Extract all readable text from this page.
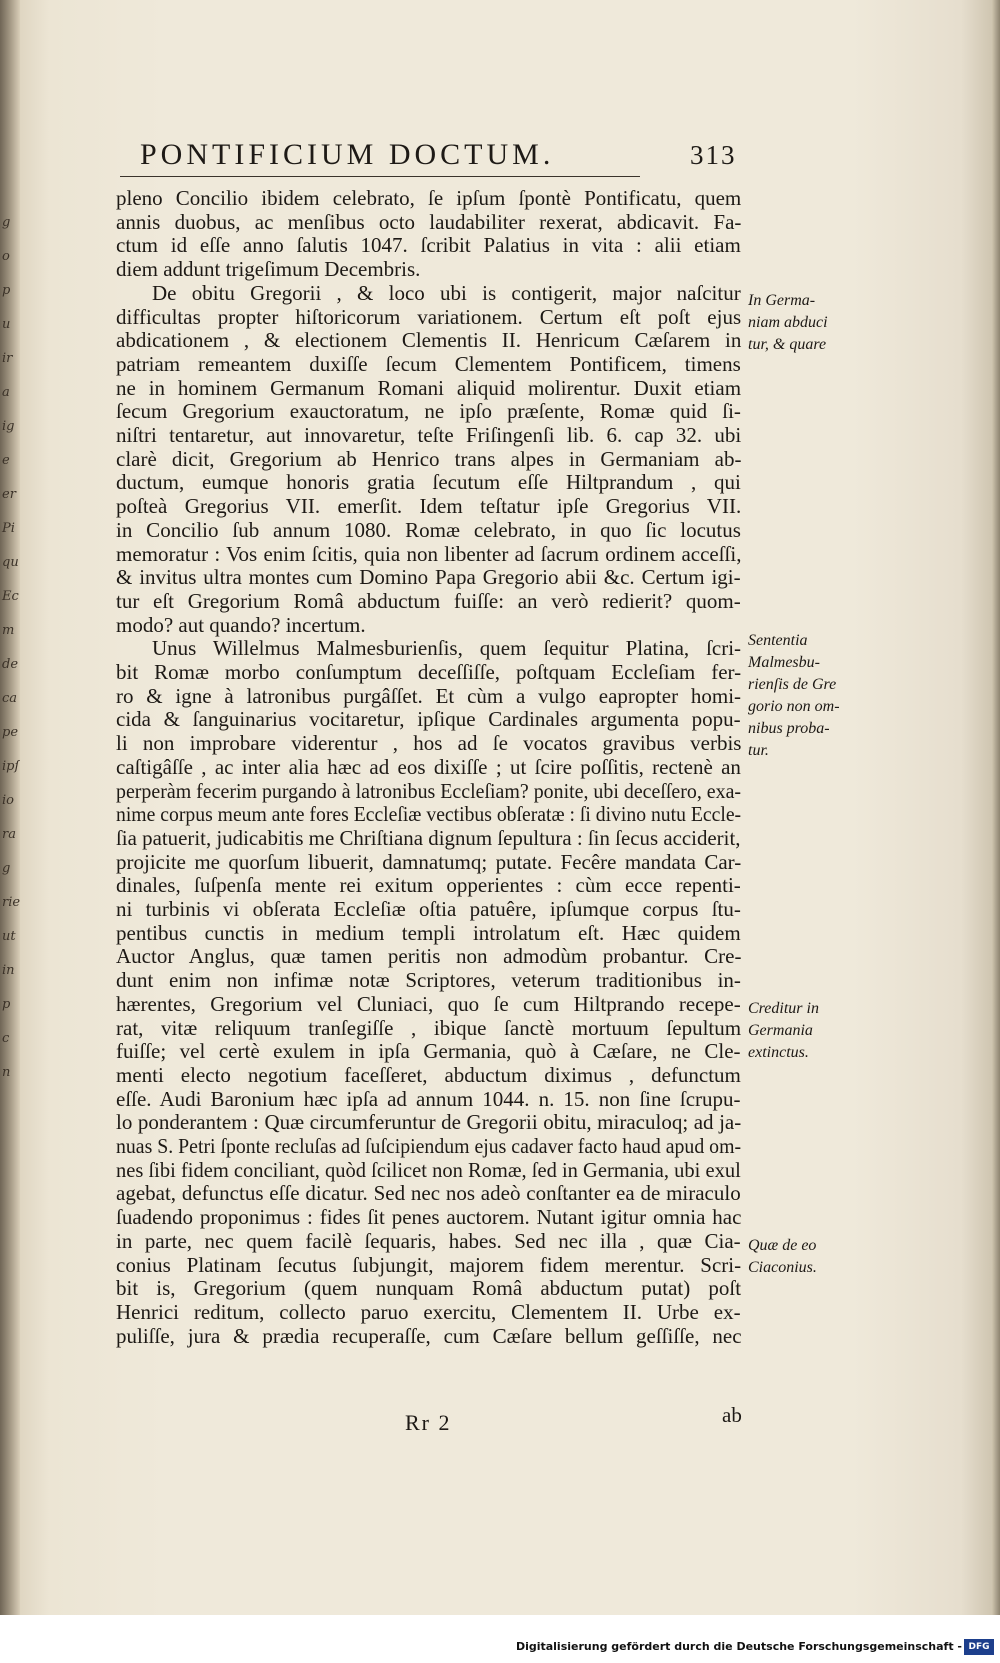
g
o
p
u
ir
a
ig
e
er
Pi
qu
Ec
m
de
ca
pe
ipſ
io
ra
g
rie
ut
in
p
c
n
PONTIFICIUM DOCTUM.	313
pleno Concilio ibidem celebrato, ſe ipſum ſpontè Pontificatu, quem
annis duobus, ac menſibus octo laudabiliter rexerat, abdicavit. Fa-
ctum id eſſe anno ſalutis 1047. ſcribit Palatius in vita : alii etiam
diem addunt trigeſimum Decembris.
De obitu Gregorii , & loco ubi is contigerit, major naſcitur
difficultas propter hiſtoricorum variationem. Certum eſt poſt ejus
abdicationem , & electionem Clementis II. Henricum Cæſarem in
patriam remeantem duxiſſe ſecum Clementem Pontificem, timens
ne in hominem Germanum Romani aliquid molirentur. Duxit etiam
ſecum Gregorium exauctoratum, ne ipſo præſente, Romæ quid ſi-
niſtri tentaretur, aut innovaretur, teſte Friſingenſi lib. 6. cap 32. ubi
clarè dicit, Gregorium ab Henrico trans alpes in Germaniam ab-
ductum, eumque honoris gratia ſecutum eſſe Hiltprandum , qui
poſteà Gregorius VII. emerſit. Idem teſtatur ipſe Gregorius VII.
in Concilio ſub annum 1080. Romæ celebrato, in quo ſic locutus
memoratur : Vos enim ſcitis, quia non libenter ad ſacrum ordinem acceſſi,
& invitus ultra montes cum Domino Papa Gregorio abii &c. Certum igi-
tur eſt Gregorium Româ abductum fuiſſe: an verò redierit? quom-
modo? aut quando? incertum.
Unus Willelmus Malmesburienſis, quem ſequitur Platina, ſcri-
bit Romæ morbo conſumptum deceſſiſſe, poſtquam Eccleſiam fer-
ro & igne à latronibus purgâſſet. Et cùm a vulgo eapropter homi-
cida & ſanguinarius vocitaretur, ipſique Cardinales argumenta popu-
li non improbare viderentur , hos ad ſe vocatos gravibus verbis
caſtigâſſe , ac inter alia hæc ad eos dixiſſe ; ut ſcire poſſitis, rectenè an
perperàm fecerim purgando à latronibus Eccleſiam? ponite, ubi deceſſero, exa-
nime corpus meum ante fores Eccleſiæ vectibus obſeratæ : ſi divino nutu Eccle-
ſia patuerit, judicabitis me Chriſtiana dignum ſepultura : ſin ſecus acciderit,
projicite me quorſum libuerit, damnatumq; putate. Fecêre mandata Car-
dinales, ſuſpenſa mente rei exitum opperientes : cùm ecce repenti-
ni turbinis vi obſerata Eccleſiæ oſtia patuêre, ipſumque corpus ſtu-
pentibus cunctis in medium templi introlatum eſt. Hæc quidem
Auctor Anglus, quæ tamen peritis non admodùm probantur. Cre-
dunt enim non infimæ notæ Scriptores, veterum traditionibus in-
hærentes, Gregorium vel Cluniaci, quo ſe cum Hiltprando recepe-
rat, vitæ reliquum tranſegiſſe , ibique ſanctè mortuum ſepultum
fuiſſe; vel certè exulem in ipſa Germania, quò à Cæſare, ne Cle-
menti electo negotium faceſſeret, abductum diximus , defunctum
eſſe. Audi Baronium hæc ipſa ad annum 1044. n. 15. non ſine ſcrupu-
lo ponderantem : Quæ circumferuntur de Gregorii obitu, miraculoq; ad ja-
nuas S. Petri ſponte recluſas ad ſuſcipiendum ejus cadaver facto haud apud om-
nes ſibi fidem conciliant, quòd ſcilicet non Romæ, ſed in Germania, ubi exul
agebat, defunctus eſſe dicatur. Sed nec nos adeò conſtanter ea de miraculo
ſuadendo proponimus : fides ſit penes auctorem. Nutant igitur omnia hac
in parte, nec quem facilè ſequaris, habes. Sed nec illa , quæ Cia-
conius Platinam ſecutus ſubjungit, majorem fidem merentur. Scri-
bit is, Gregorium (quem nunquam Româ abductum putat) poſt
Henrici reditum, collecto paruo exercitu, Clementem II. Urbe ex-
puliſſe, jura & prædia recuperaſſe, cum Cæſare bellum geſſiſſe, nec
In Germa-
niam abduci
tur, & quare
Sententia
Malmesbu-
rienſis de Gre
gorio non om-
nibus proba-
tur.
Creditur in
Germania
extinctus.
Quæ de eo
Ciaconius.
Rr 2	ab
Digitalisierung gefördert durch die Deutsche Forschungsgemeinschaft - DFG
